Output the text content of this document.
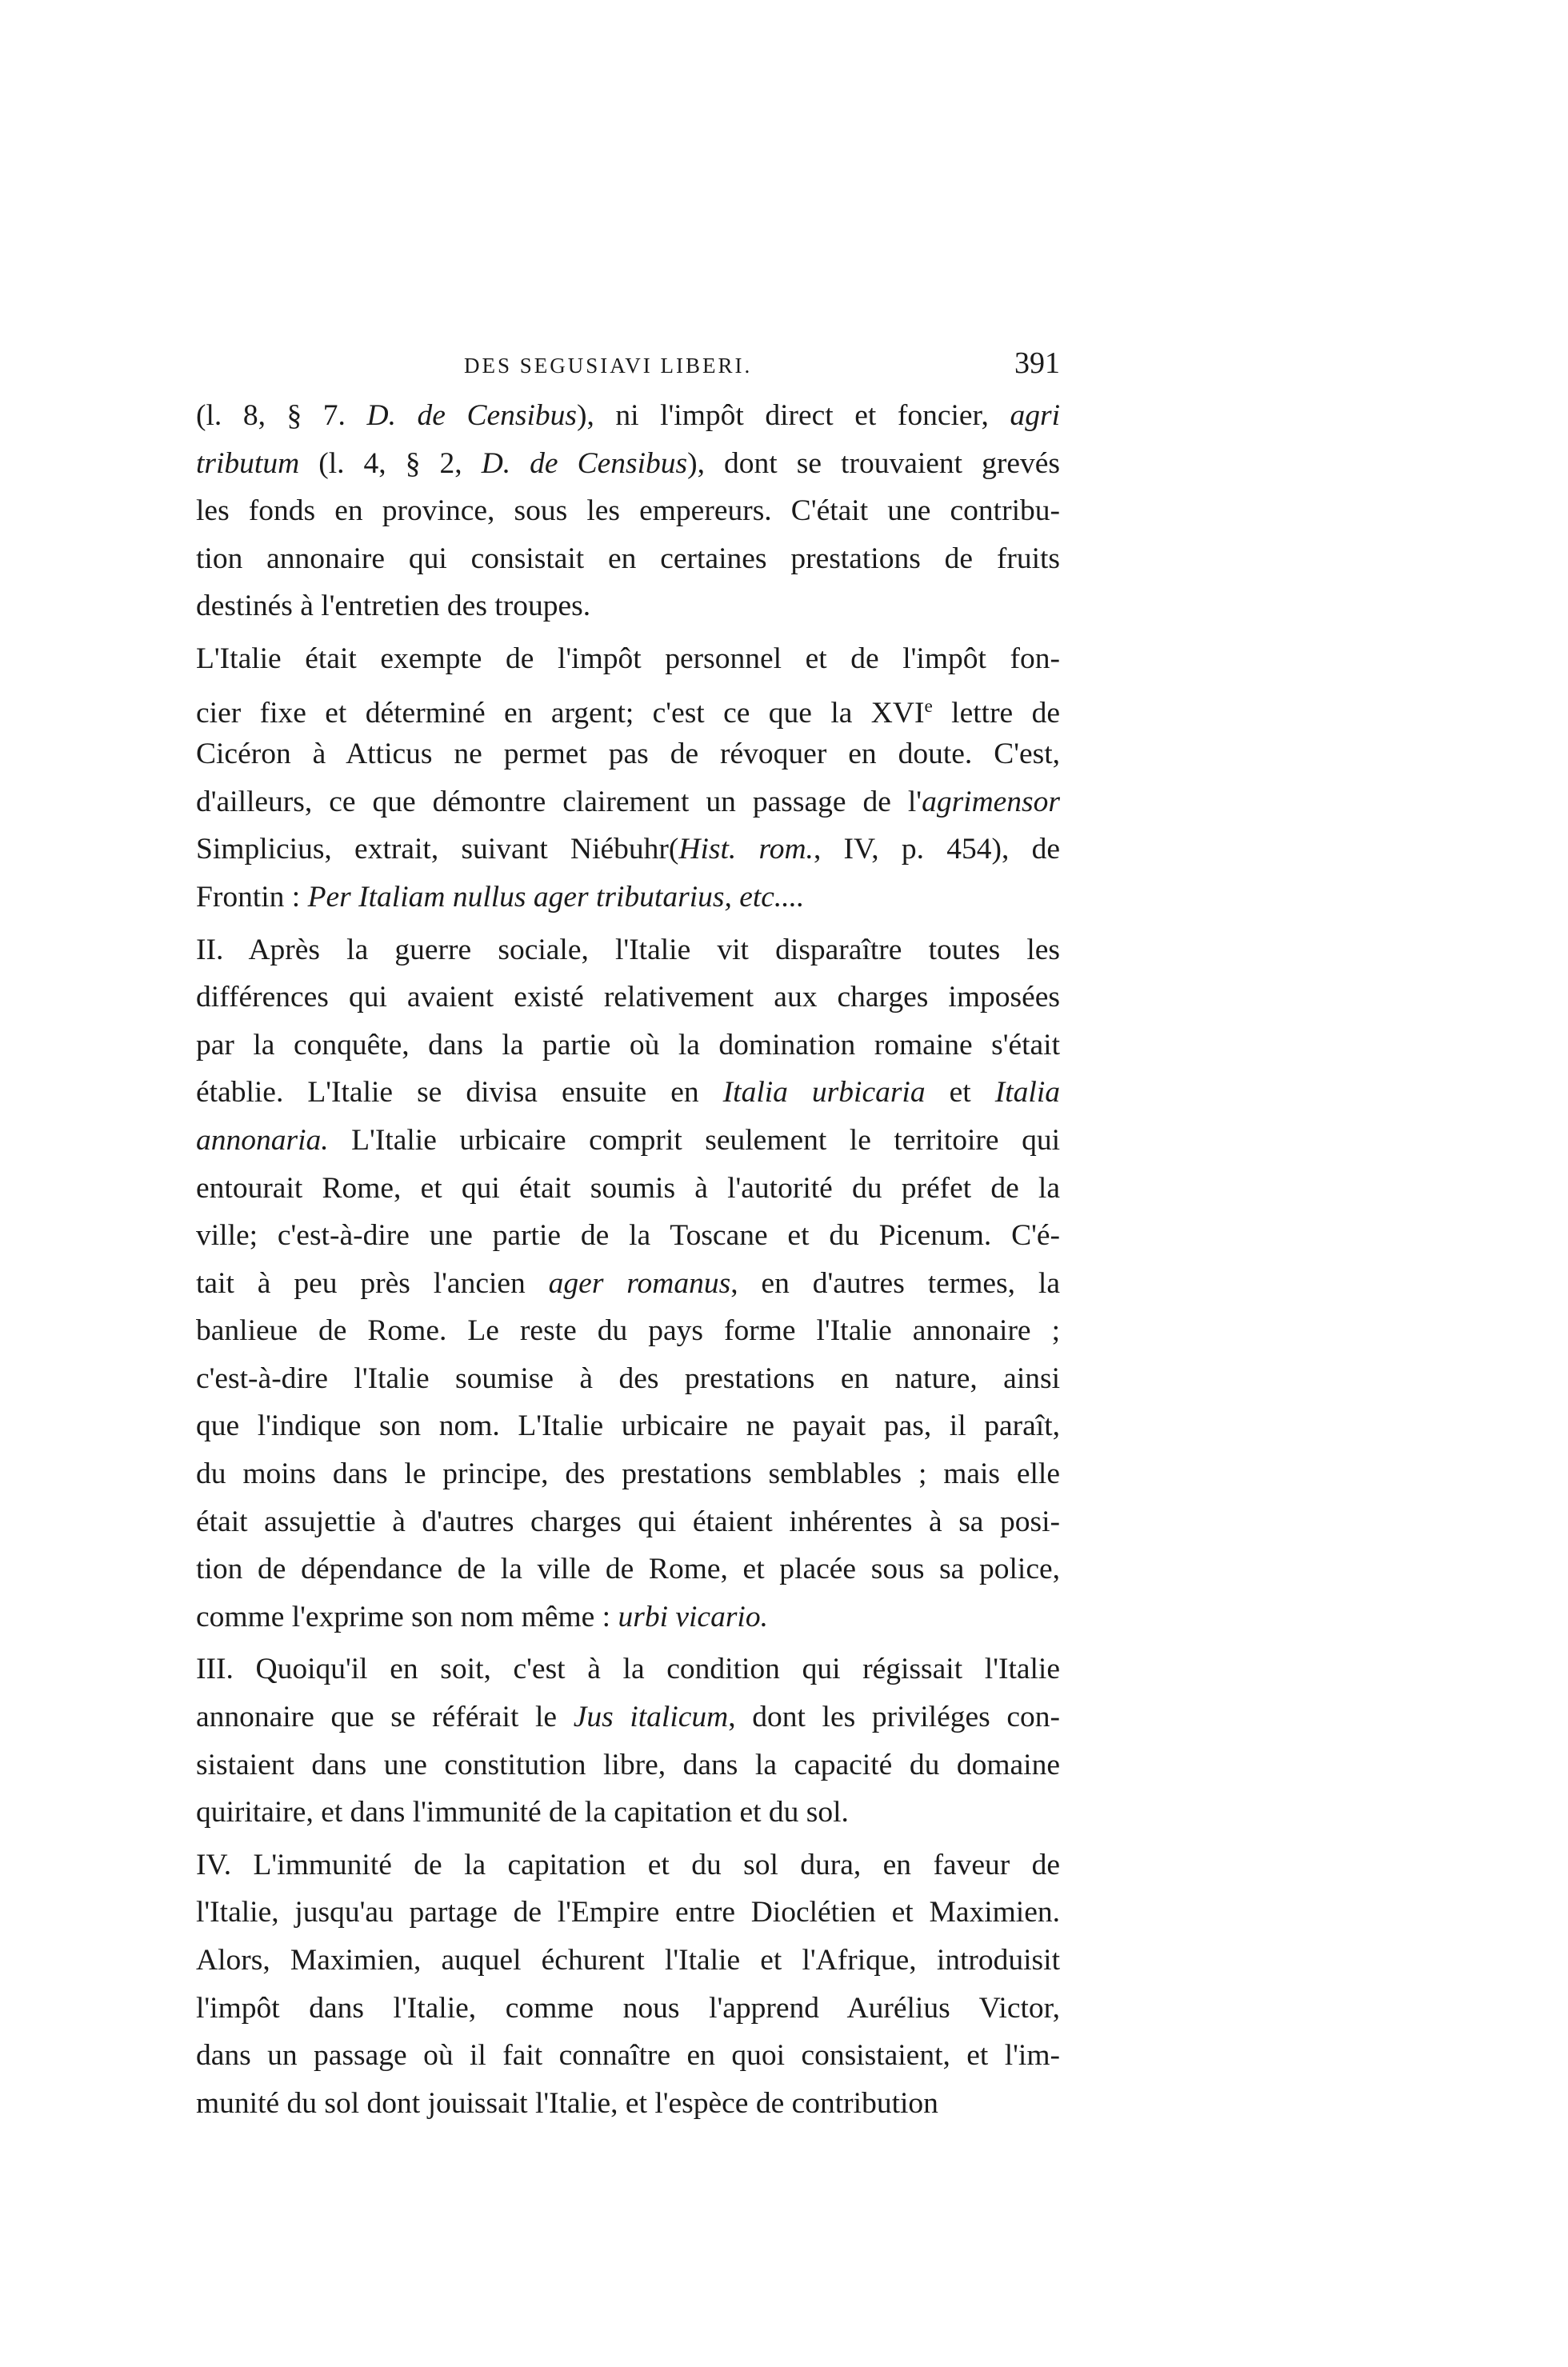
DES SEGUSIAVI LIBERI.	391
(l. 8, § 7. D. de Censibus), ni l'impôt direct et foncier, agri
tributum (l. 4, § 2, D. de Censibus), dont se trouvaient grevés
les fonds en province, sous les empereurs. C'était une contribu-
tion annonaire qui consistait en certaines prestations de fruits
destinés à l'entretien des troupes.
L'Italie était exempte de l'impôt personnel et de l'impôt fon-
cier fixe et déterminé en argent; c'est ce que la XVIe lettre de
Cicéron à Atticus ne permet pas de révoquer en doute. C'est,
d'ailleurs, ce que démontre clairement un passage de l'agrimensor
Simplicius, extrait, suivant Niébuhr(Hist. rom., IV, p. 454), de
Frontin : Per Italiam nullus ager tributarius, etc....
II. Après la guerre sociale, l'Italie vit disparaître toutes les
différences qui avaient existé relativement aux charges imposées
par la conquête, dans la partie où la domination romaine s'était
établie. L'Italie se divisa ensuite en Italia urbicaria et Italia
annonaria. L'Italie urbicaire comprit seulement le territoire qui
entourait Rome, et qui était soumis à l'autorité du préfet de la
ville; c'est-à-dire une partie de la Toscane et du Picenum. C'é-
tait à peu près l'ancien ager romanus, en d'autres termes, la
banlieue de Rome. Le reste du pays forme l'Italie annonaire ;
c'est-à-dire l'Italie soumise à des prestations en nature, ainsi
que l'indique son nom. L'Italie urbicaire ne payait pas, il paraît,
du moins dans le principe, des prestations semblables ; mais elle
était assujettie à d'autres charges qui étaient inhérentes à sa posi-
tion de dépendance de la ville de Rome, et placée sous sa police,
comme l'exprime son nom même : urbi vicario.
III. Quoiqu'il en soit, c'est à la condition qui régissait l'Italie
annonaire que se référait le Jus italicum, dont les priviléges con-
sistaient dans une constitution libre, dans la capacité du domaine
quiritaire, et dans l'immunité de la capitation et du sol.
IV. L'immunité de la capitation et du sol dura, en faveur de
l'Italie, jusqu'au partage de l'Empire entre Dioclétien et Maximien.
Alors, Maximien, auquel échurent l'Italie et l'Afrique, introduisit
l'impôt dans l'Italie, comme nous l'apprend Aurélius Victor,
dans un passage où il fait connaître en quoi consistaient, et l'im-
munité du sol dont jouissait l'Italie, et l'espèce de contribution
